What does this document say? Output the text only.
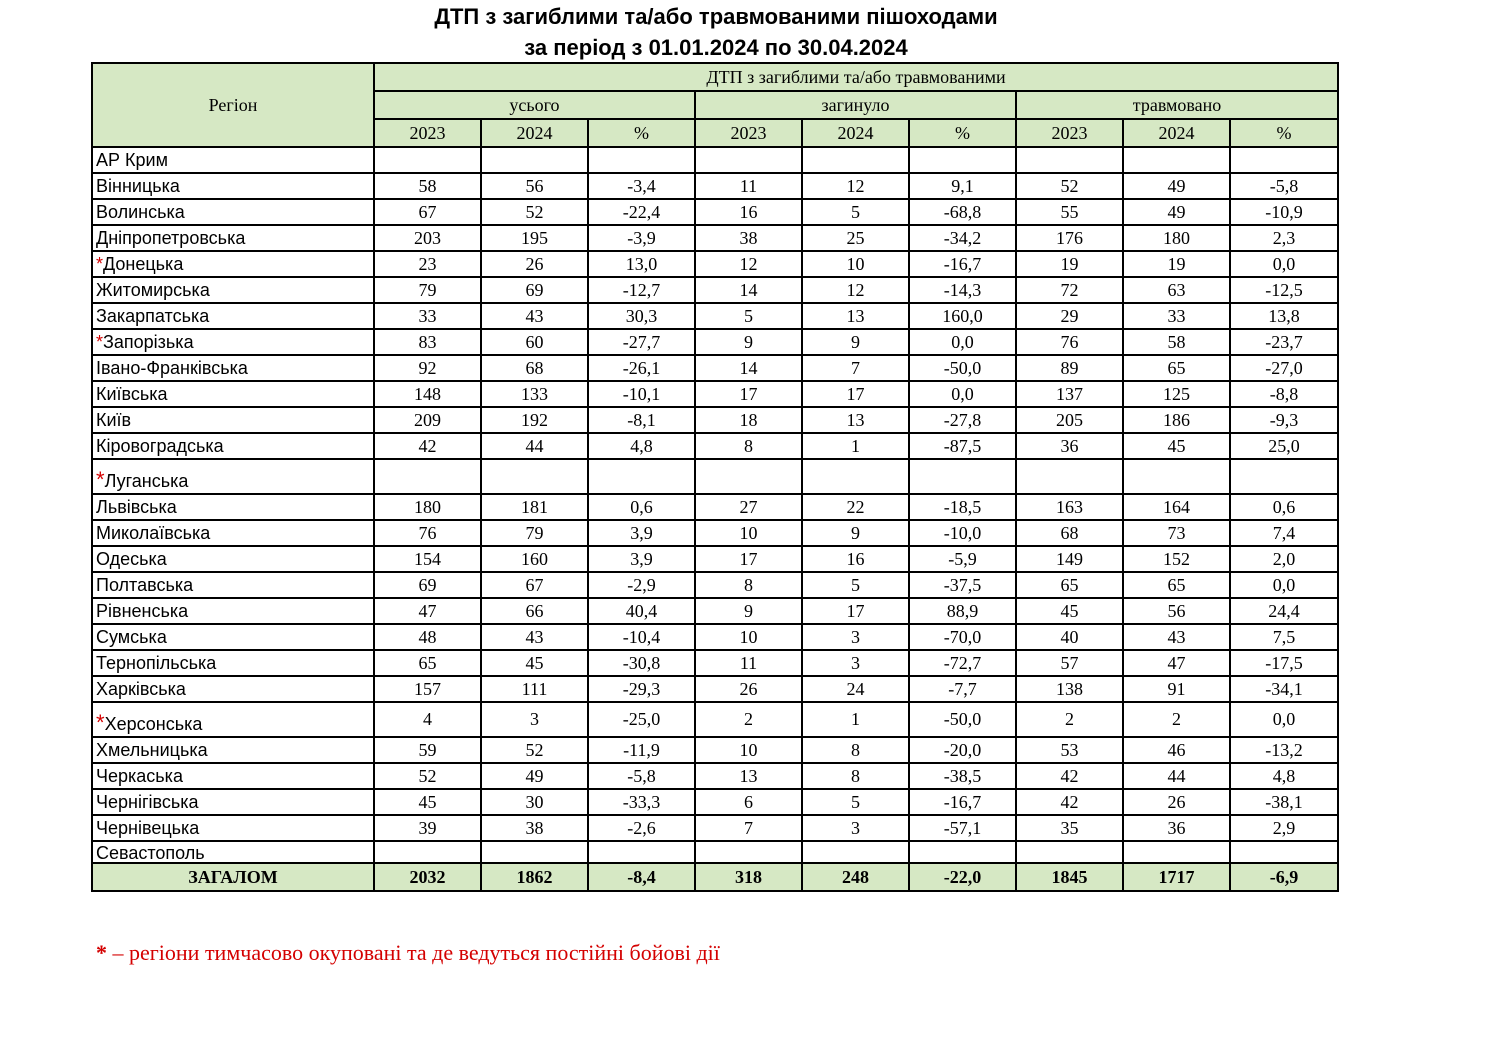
ДТП з загиблими та/або травмованими пішоходами
за період з 01.01.2024 по 30.04.2024
Регіон	ДТП з загиблими та/або травмованими								
	усього			загинуло			травмовано		
	2023	2024	%	2023	2024	%	2023	2024	%
АР Крим									
Вінницька	58	56	-3,4	11	12	9,1	52	49	-5,8
Волинська	67	52	-22,4	16	5	-68,8	55	49	-10,9
Дніпропетровська	203	195	-3,9	38	25	-34,2	176	180	2,3
*Донецька	23	26	13,0	12	10	-16,7	19	19	0,0
Житомирська	79	69	-12,7	14	12	-14,3	72	63	-12,5
Закарпатська	33	43	30,3	5	13	160,0	29	33	13,8
*Запорізька	83	60	-27,7	9	9	0,0	76	58	-23,7
Івано-Франківська	92	68	-26,1	14	7	-50,0	89	65	-27,0
Київська	148	133	-10,1	17	17	0,0	137	125	-8,8
Київ	209	192	-8,1	18	13	-27,8	205	186	-9,3
Кіровоградська	42	44	4,8	8	1	-87,5	36	45	25,0
*Луганська									
Львівська	180	181	0,6	27	22	-18,5	163	164	0,6
Миколаївська	76	79	3,9	10	9	-10,0	68	73	7,4
Одеська	154	160	3,9	17	16	-5,9	149	152	2,0
Полтавська	69	67	-2,9	8	5	-37,5	65	65	0,0
Рівненська	47	66	40,4	9	17	88,9	45	56	24,4
Сумська	48	43	-10,4	10	3	-70,0	40	43	7,5
Тернопільська	65	45	-30,8	11	3	-72,7	57	47	-17,5
Харківська	157	111	-29,3	26	24	-7,7	138	91	-34,1
*Херсонська	4	3	-25,0	2	1	-50,0	2	2	0,0
Хмельницька	59	52	-11,9	10	8	-20,0	53	46	-13,2
Черкаська	52	49	-5,8	13	8	-38,5	42	44	4,8
Чернігівська	45	30	-33,3	6	5	-16,7	42	26	-38,1
Чернівецька	39	38	-2,6	7	3	-57,1	35	36	2,9
Севастополь									
ЗАГАЛОМ	2032	1862	-8,4	318	248	-22,0	1845	1717	-6,9
* – регіони тимчасово окуповані та де ведуться постійні бойові дії
